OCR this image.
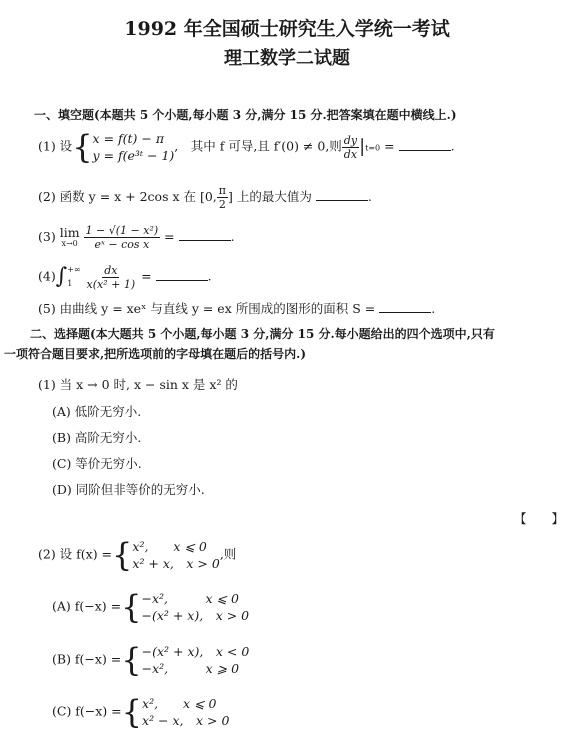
1992 年全国硕士研究生入学统一考试
理工数学二试题
一、填空题(本题共 5 个小题,每小题 3 分,满分 15 分.把答案填在题中横线上.)
(1) 设{ x = f(t) − π
y = f(e³ᵗ − 1)
,　其中 f 可导,且 f′(0) ≠ 0,则 $\frac{dy}{dx} |t=0$ =	.
(2) 函数 y = x + 2cos x 在 [0, $\frac{\pi}{2}$ ] 上的最大值为	.
(3) lim
x→0
$\frac{\text{1 − √(1 − x²)}}{\text{eˣ − cos x}}$ =	.
(4)∫ +∞
1
	$\frac{dx}{\text{x(x² + 1)}}$ =	.
(5) 由曲线 y = xeˣ 与直线 y = ex 所围成的图形的面积 S =	.
二、选择题(本大题共 5 个小题,每小题 3 分,满分 15 分.每小题给出的四个选项中,只有
一项符合题目要求,把所选项前的字母填在题后的括号内.)
(1) 当 x → 0 时, x − sin x 是 x² 的
(A) 低阶无穷小.
(B) 高阶无穷小.
(C) 等价无穷小.
(D) 同阶但非等价的无穷小.
【　　】
(2) 设 f(x) ={ x²,　　x ⩽ 0
x² + x,　x > 0
,则
(A) f(−x) ={ −x²,　　　x ⩽ 0
−(x² + x),　x > 0
(B) f(−x) ={ −(x² + x),　x < 0
−x²,　　　x ⩾ 0
(C) f(−x) ={ x²,　　x ⩽ 0
x² − x,　x > 0
